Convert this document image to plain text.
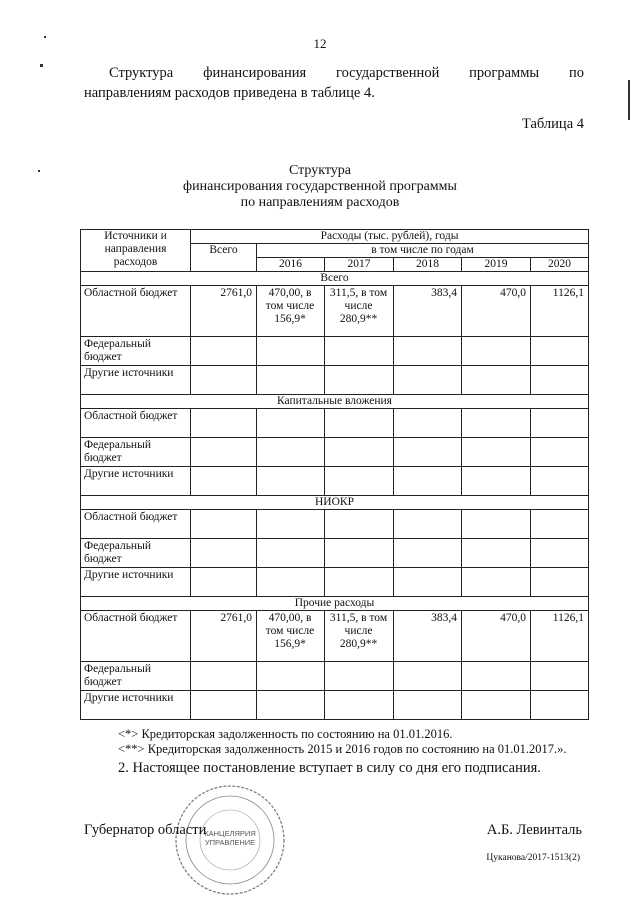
12
Структура финансирования государственной программы по
направлениям расходов приведена в таблице 4.
Таблица 4
Структура
финансирования государственной программы
по направлениям расходов
Источники и направления расходов	Расходы (тыс. рублей), годы					
	Всего	в том числе по годам				
		2016	2017	2018	2019	2020
Всего						
Областной бюджет	2761,0	470,00, в том числе 156,9*	311,5, в том числе 280,9**	383,4	470,0	1126,1
Федеральный бюджет						
Другие источники						
Капитальные вложения						
Областной бюджет						
Федеральный бюджет						
Другие источники						
НИОКР						
Областной бюджет						
Федеральный бюджет						
Другие источники						
Прочие расходы						
Областной бюджет	2761,0	470,00, в том числе 156,9*	311,5, в том числе 280,9**	383,4	470,0	1126,1
Федеральный бюджет						
Другие источники						
<*> Кредиторская задолженность по состоянию на 01.01.2016.
<**> Кредиторская задолженность 2015 и 2016 годов по состоянию на 01.01.2017.».
2. Настоящее постановление вступает в силу со дня его подписания.
КАНЦЕЛЯРИЯ
УПРАВЛЕНИЕ
Губернатор области	А.Б. Левинталь
Цуканова/2017-1513(2)
